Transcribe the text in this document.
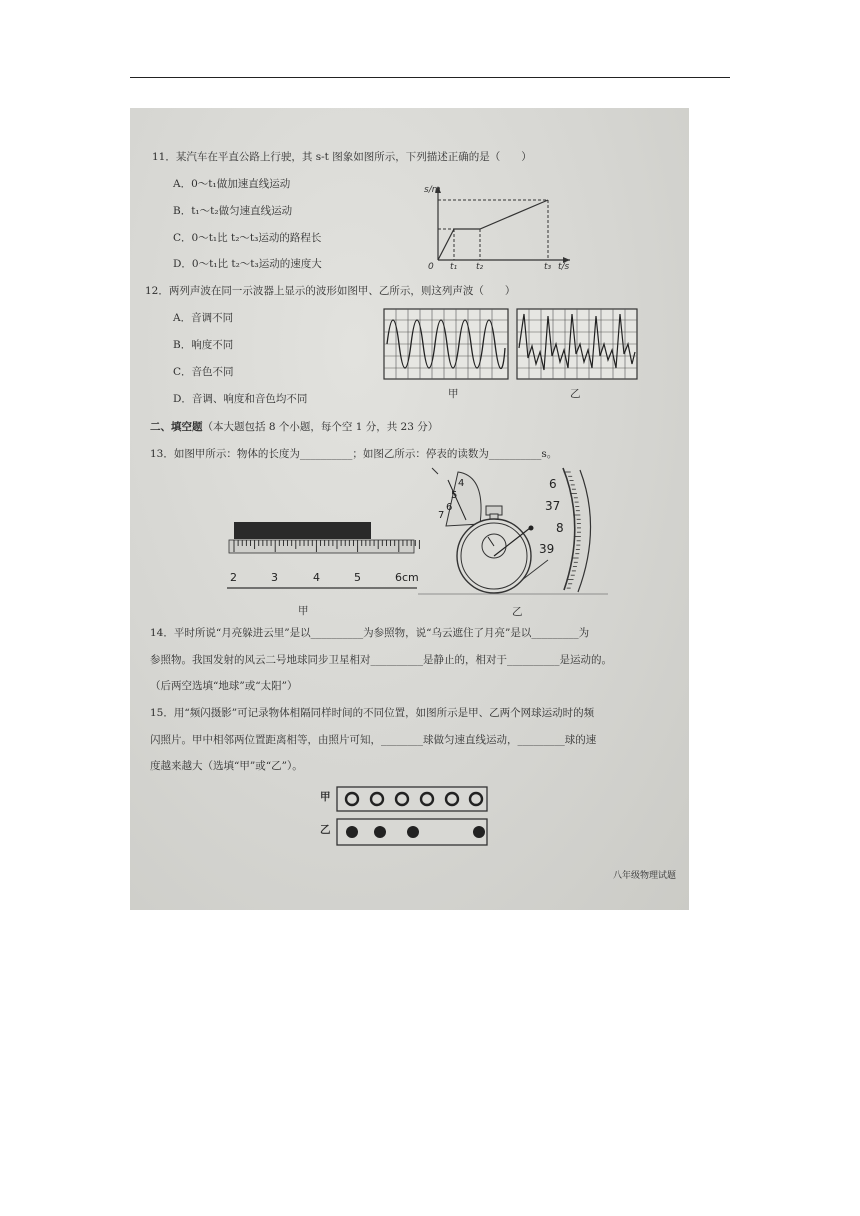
11．某汽车在平直公路上行驶，其 s-t 图象如图所示，下列描述正确的是（　　）
A．0～t₁做加速直线运动
B．t₁～t₂做匀速直线运动
C．0～t₁比 t₂～t₃运动的路程长
D．0～t₁比 t₂～t₃运动的速度大
s/m
0 t₁ t₂	t₃ t/s
12．两列声波在同一示波器上显示的波形如图甲、乙所示，则这列声波（　　）
A．音调不同
B．响度不同
C．音色不同
D．音调、响度和音色均不同	甲	乙
二、填空题（本大题包括 8 个小题，每个空 1 分，共 23 分）
13．如图甲所示：物体的长度为__________；如图乙所示：停表的读数为__________s。
2	3	4	5	6cm
甲
4
5
6
7
6
37
8
39
乙
14．平时所说“月亮躲进云里”是以__________为参照物，说“乌云遮住了月亮”是以_________为
参照物。我国发射的风云二号地球同步卫星相对__________是静止的，相对于__________是运动的。
（后两空选填“地球”或“太阳”）
15．用“频闪摄影”可记录物体相隔同样时间的不同位置，如图所示是甲、乙两个网球运动时的频
闪照片。甲中相邻两位置距离相等，由照片可知，________球做匀速直线运动，_________球的速
度越来越大（选填“甲”或“乙”）。
甲
乙
八年级物理试题
